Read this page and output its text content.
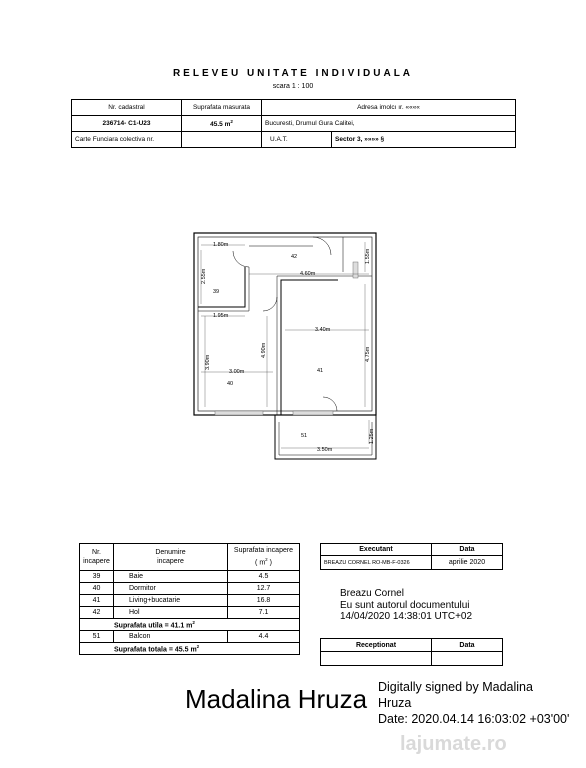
RELEVEU UNITATE INDIVIDUALA
scara 1 : 100
Nr. cadastral	Suprafata masurata	Adresa imolcı ır. ««««	
236714- C1-U23	45.5 $m^2$	Bucuresti, Drumul Gura Calitei,	
Carte Funciara colectiva nr.		U.A.T.	Sector 3, »»»» §
1.80m
2.55m	4.60m
1.55m
1.95m
3.40m
3.90m
3.00m
4.90m	4.75m
3.50m
1.25m
39
40
41
42
51
Nr.
incapere	Denumire
incapere	Suprafata incapere
( $m^2$ )
39	Baie	4.5
40	Dormitor	12.7
41	Living+bucatarie	16.8
42	Hol	7.1
Suprafata utila = 41.1 $m^2$
51	Balcon	4.4
Suprafata totala = 45.5 $m^2$
Executant	Data
BREAZU CORNEL RO-MB-F-0326	aprilie 2020
Breazu Cornel
Eu sunt autorul documentului
14/04/2020 14:38:01 UTC+02
Receptionat	Data

Madalina Hruza Digitally signed by Madalina
Hruza
Date: 2020.04.14 16:03:02 +03'00'
lajumate.ro
